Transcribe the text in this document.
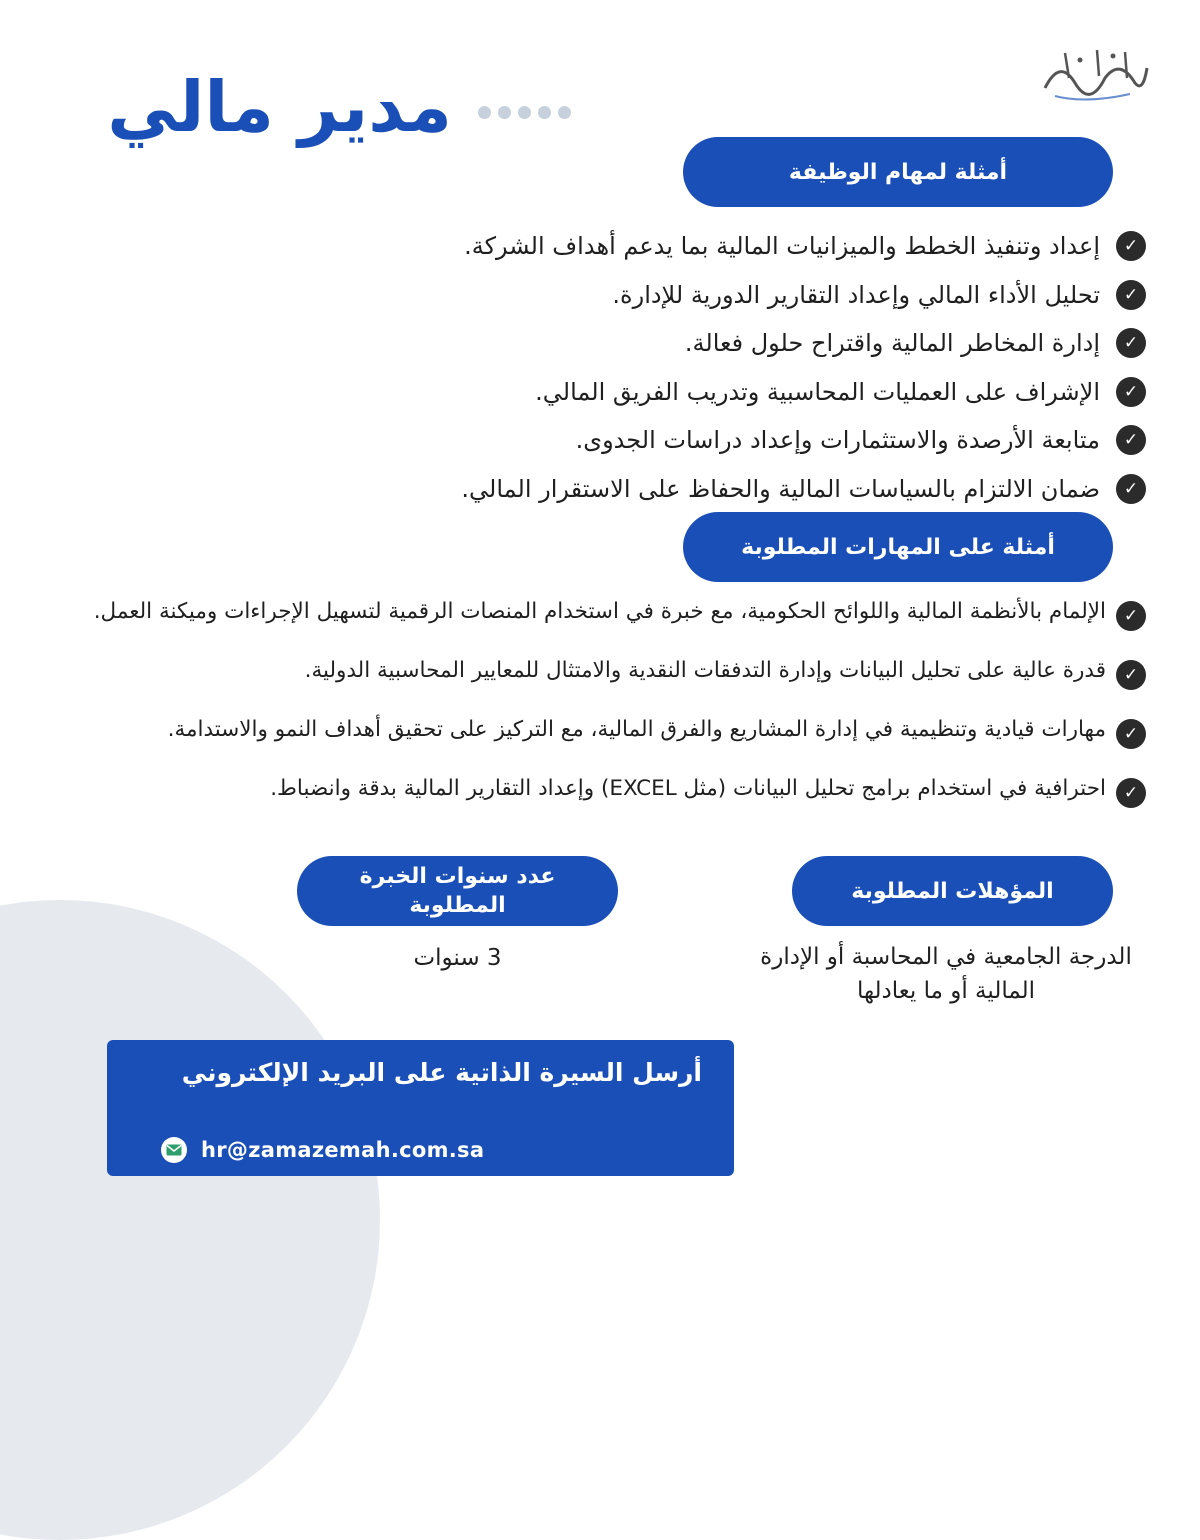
مدير مالي
أمثلة لمهام الوظيفة
✓
إعداد وتنفيذ الخطط والميزانيات المالية بما يدعم أهداف الشركة.
✓
تحليل الأداء المالي وإعداد التقارير الدورية للإدارة.
✓
إدارة المخاطر المالية واقتراح حلول فعالة.
✓
الإشراف على العمليات المحاسبية وتدريب الفريق المالي.
✓
متابعة الأرصدة والاستثمارات وإعداد دراسات الجدوى.
✓
ضمان الالتزام بالسياسات المالية والحفاظ على الاستقرار المالي.
أمثلة على المهارات المطلوبة
✓
الإلمام بالأنظمة المالية واللوائح الحكومية، مع خبرة في استخدام المنصات الرقمية لتسهيل الإجراءات وميكنة العمل.
✓
قدرة عالية على تحليل البيانات وإدارة التدفقات النقدية والامتثال للمعايير المحاسبية الدولية.
✓
مهارات قيادية وتنظيمية في إدارة المشاريع والفرق المالية، مع التركيز على تحقيق أهداف النمو والاستدامة.
✓
احترافية في استخدام برامج تحليل البيانات (مثل EXCEL) وإعداد التقارير المالية بدقة وانضباط.
المؤهلات المطلوبة
الدرجة الجامعية في المحاسبة أو الإدارة المالية أو ما يعادلها
عدد سنوات الخبرة المطلوبة
3 سنوات
أرسل السيرة الذاتية على البريد الإلكتروني
hr@zamazemah.com.sa
